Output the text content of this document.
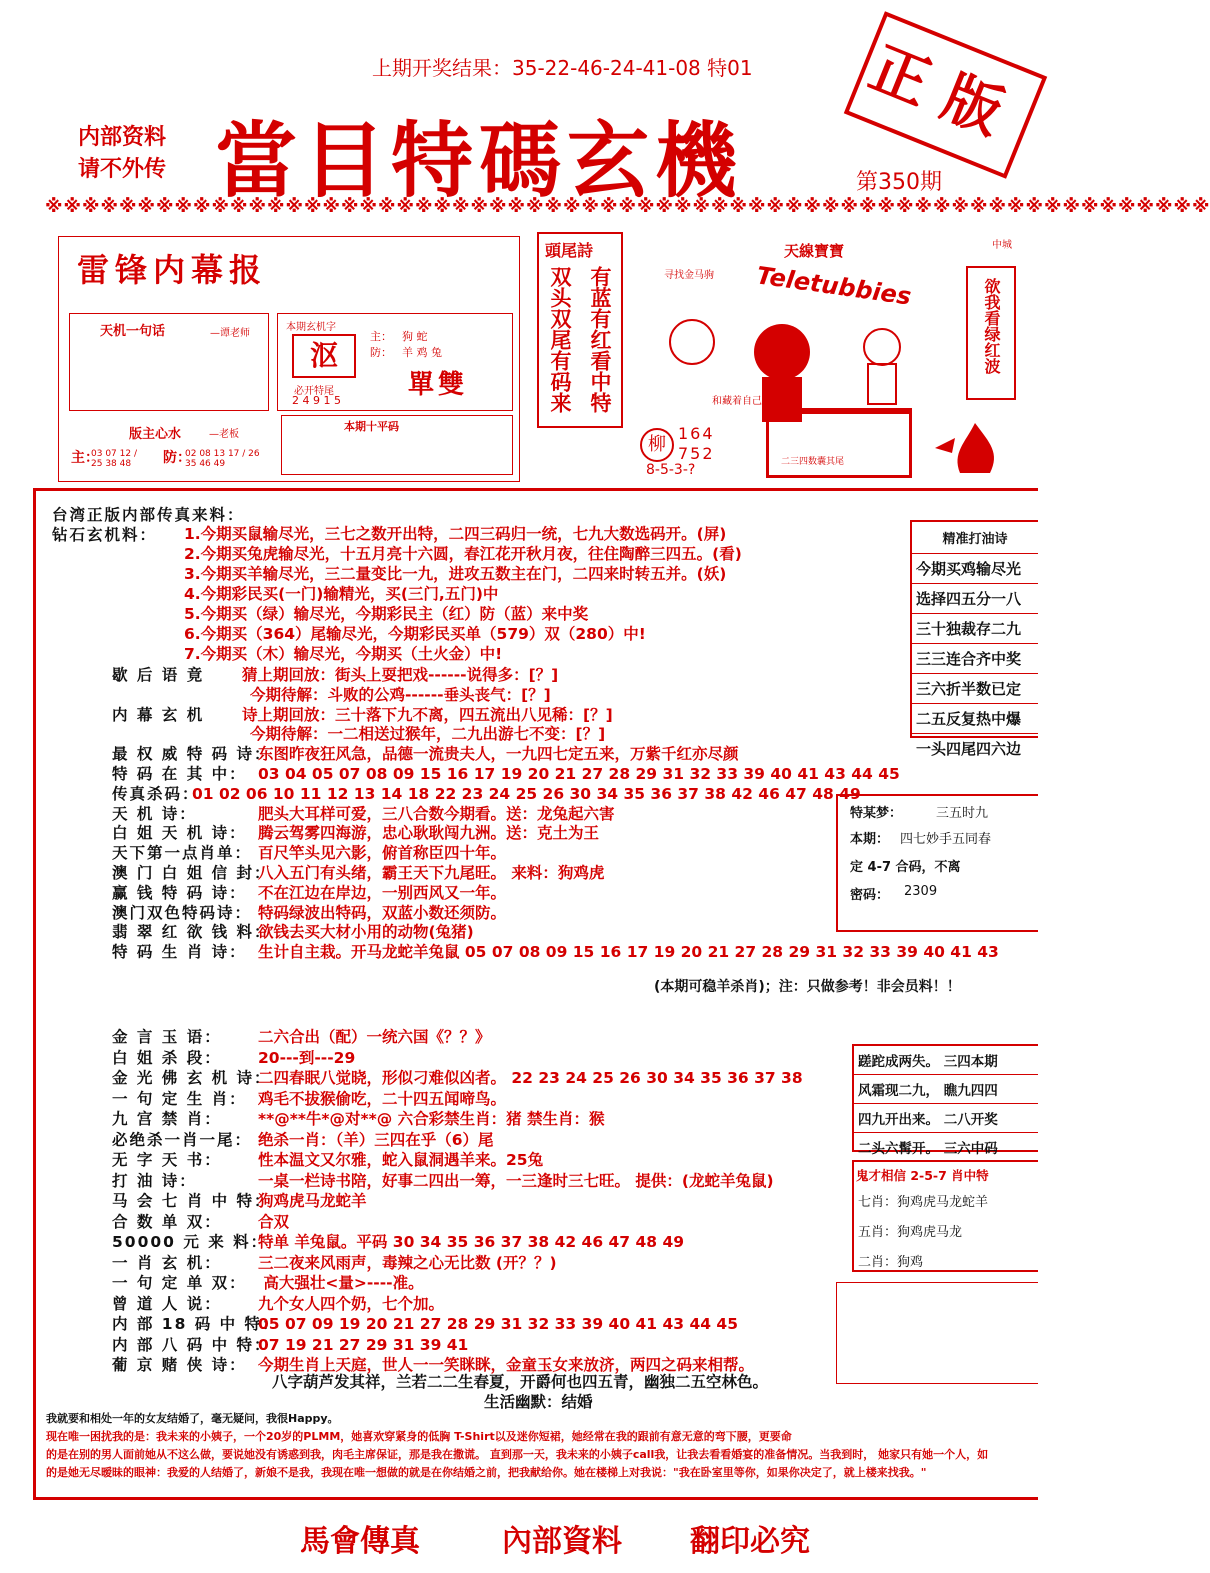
上期开奖结果：35-22-46-24-41-08 特01
内部资料
请不外传 當目特碼玄機	第350期
正版
※※※※※※※※※※※※※※※※※※※※※※※※※※※※※※※※※※※※※※※※※※※※※※※※※※※※※※※※※※※※※※※
雷锋内幕报
天机一句话	—谭老师
本期玄机字
主： 狗 蛇
防： 羊 鸡 兔
沤
必开特尾
2 4 9 1 5
單雙
版主心水	—老板
主：
03 07 12 / 25 38 48	防：
02 08 13 17 / 26 35 46 49
本期十平码
頭尾詩
有蓝有红看中特
双头双尾有码来
天線寶寶
Teletubbies
寻找金马驹
和藏着自己
二三四数囊其尾
柳
164
752
8-5-3-?
中城
欲我看绿红波
台湾正版内部传真来料：
钻石玄机料： 1.今期买鼠输尽光，三七之数开出特，二四三码归一统，七九大数选码开。(屏)
2.今期买兔虎输尽光，十五月亮十六圆，春江花开秋月夜，往住陶醉三四五。(看)
3.今期买羊输尽光，三二量变比一九，进攻五数主在门，二四来时转五并。(妖)
4.今期彩民买(一门)输精光，买(三门,五门)中
5.今期买（绿）输尽光，今期彩民主（红）防（蓝）来中奖
6.今期买（364）尾输尽光，今期彩民买单（579）双（280）中!
7.今期买（木）输尽光，今期买（土火金）中!
歇 后 语 竟 猜上期回放：街头上耍把戏------说得多：[？]
今期待解：斗败的公鸡------垂头丧气：[？]
内 幕 玄 机 诗上期回放：三十落下九不离，四五流出八见稀：[？]
今期待解：一二相送过猴年，二九出游七不变：[？]
最 权 威 特 码 诗：东图昨夜狂风急，品德一流贵夫人，一九四七定五来，万紫千红亦尽颜
特 码 在 其 中： 03 04 05 07 08 09 15 16 17 19 20 21 27 28 29 31 32 33 39 40 41 43 44 45
传真杀码：01 02 06 10 11 12 13 14 18 22 23 24 25 26 30 34 35 36 37 38 42 46 47 48 49
天 机 诗：	肥头大耳样可爱，三八合数今期看。送：龙兔起六害
白 姐 天 机 诗： 腾云驾雾四海游，忠心耿耿闯九洲。送：克土为王
天下第一点肖单： 百尺竿头见六影，俯首称臣四十年。
澳 门 白 姐 信 封：八入五门有头绪，霸王天下九尾旺。 来料：狗鸡虎
赢 钱 特 码 诗： 不在江边在岸边，一别西风又一年。
澳门双色特码诗： 特码绿波出特码，双蓝小数还须防。
翡 翠 红 欲 钱 料：欲钱去买大材小用的动物(兔猪)
特 码 生 肖 诗： 生计自主栽。开马龙蛇羊兔鼠 05 07 08 09 15 16 17 19 20 21 27 28 29 31 32 33 39 40 41 43
(本期可稳羊杀肖)；注：只做参考！非会员料！！
金 言 玉 语： 二六合出（配）一统六国《？？》
白 姐 杀 段： 20---到---29
金 光 佛 玄 机 诗：二四春眠八觉晓，形似刁难似凶者。 22 23 24 25 26 30 34 35 36 37 38
一 句 定 生 肖： 鸡毛不拔猴偷吃，二十四五闻啼鸟。
九 宫 禁 肖： **@**牛*@对**@ 六合彩禁生肖：猪 禁生肖：猴
必绝杀一肖一尾： 绝杀一肖：（羊）三四在乎（6）尾
无 字 天 书： 性本温文又尔雅，蛇入鼠洞遇羊来。25兔
打 油 诗：	一桌一栏诗书陪，好事二四出一筹，一三逢时三七旺。 提供：(龙蛇羊兔鼠)
马 会 七 肖 中 特：狗鸡虎马龙蛇羊
合 数 单 双： 合双
50000 元 来 料：特单 羊兔鼠。平码 30 34 35 36 37 38 42 46 47 48 49
一 肖 玄 机： 三二夜来风雨声，毒辣之心无比数 (开？？)
一 句 定 单 双： 高大强壮<量>----准。
曾 道 人 说： 九个女人四个奶，七个加。
内 部 18 码 中 特：05 07 09 19 20 21 27 28 29 31 32 33 39 40 41 43 44 45
内 部 八 码 中 特：07 19 21 27 29 31 39 41
葡 京 赌 侠 诗： 今期生肖上天庭，世人一一笑眯眯，金童玉女来放济，两四之码来相帮。
八字葫芦发其祥，兰若二二生春夏，开爵何也四五青，幽独二五空林色。
生活幽默：结婚
精准打油诗
今期买鸡输尽光
选择四五分一八
三十独裁存二九
三三连合齐中奖
三六折半数已定
二五反复热中爆
一头四尾四六边
特某梦：	三五时九
本期： 四七妙手五同春
定 4-7 合码，不离
密码： 2309
蹉跎成两失。 三四本期
风霜现二九， 瞧九四四
四九开出来。 二八开奖
二头六髯开。 三六中码
鬼才相信 2-5-7 肖中特
七肖：狗鸡虎马龙蛇羊
五肖：狗鸡虎马龙
二肖：狗鸡
我就要和相处一年的女友结婚了，毫无疑问，我很Happy。
现在唯一困扰我的是：我未来的小姨子，一个20岁的PLMM，她喜欢穿紧身的低胸 T-Shirt以及迷你短裙，她经常在我的跟前有意无意的弯下腰，更要命
的是在别的男人面前她从不这么做，要说她没有诱惑到我，肉毛主席保证，那是我在撒谎。 直到那一天，我未来的小姨子call我，让我去看看婚宴的准备情况。当我到时， 她家只有她一个人，如
的是她无尽暧昧的眼神：我爱的人结婚了，新娘不是我，我现在唯一想做的就是在你结婚之前，把我献给你。她在楼梯上对我说："我在卧室里等你，如果你决定了，就上楼来找我。"
馬會傳真	內部資料 翻印必究
